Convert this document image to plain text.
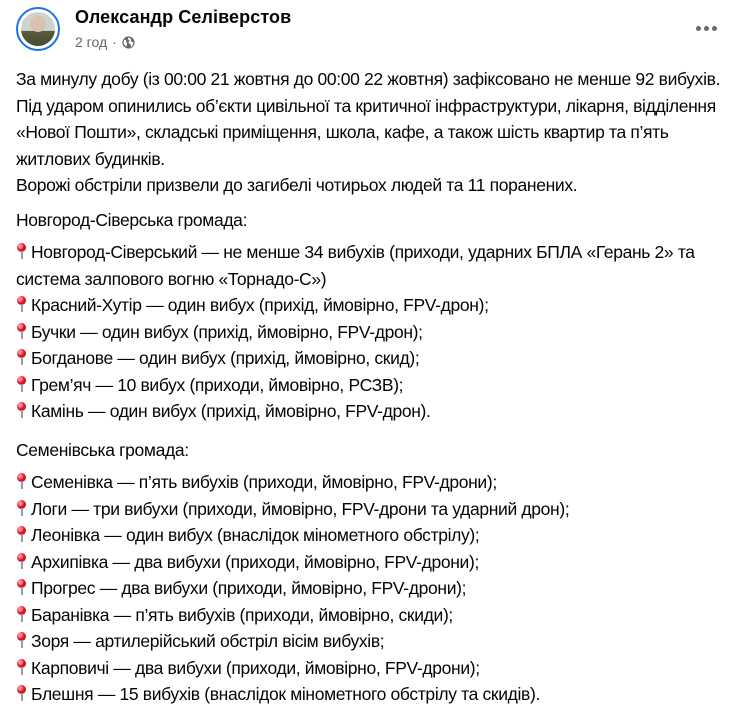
Олександр Селіверстов
2 год ·

За минулу добу (із 00:00 21 жовтня до 00:00 22 жовтня) зафіксовано не менше 92 вибухів.

Під ударом опинились об’єкти цивільної та критичної інфраструктури, лікарня, відділення «Нової Пошти», складські приміщення, школа, кафе, а також шість квартир та п’ять житлових будинків.

Ворожі обстріли призвели до загибелі чотирьох людей та 11 поранених.

Новгород-Сіверська громада:

Новгород-Сіверський — не менше 34 вибухів (приходи, ударних БПЛА «Герань 2» та система залпового вогню «Торнадо-С»)

Красний-Хутір — один вибух (прихід, ймовірно, FPV-дрон);

Бучки — один вибух (прихід, ймовірно, FPV-дрон);

Богданове — один вибух (прихід, ймовірно, скид);

Грем’яч — 10 вибух (приходи, ймовірно, РСЗВ);

Камінь — один вибух (прихід, ймовірно, FPV-дрон).

Семенівська громада:

Семенівка — п’ять вибухів (приходи, ймовірно, FPV-дрони);

Логи — три вибухи (приходи, ймовірно, FPV-дрони та ударний дрон);

Леонівка — один вибух (внаслідок мінометного обстрілу);

Архипівка — два вибухи (приходи, ймовірно, FPV-дрони);

Прогрес — два вибухи (приходи, ймовірно, FPV-дрони);

Баранівка — п’ять вибухів (приходи, ймовірно, скиди);

Зоря — артилерійський обстріл вісім вибухів;

Карповичі — два вибухи (приходи, ймовірно, FPV-дрони);

Блешня — 15 вибухів (внаслідок мінометного обстрілу та скидів).
